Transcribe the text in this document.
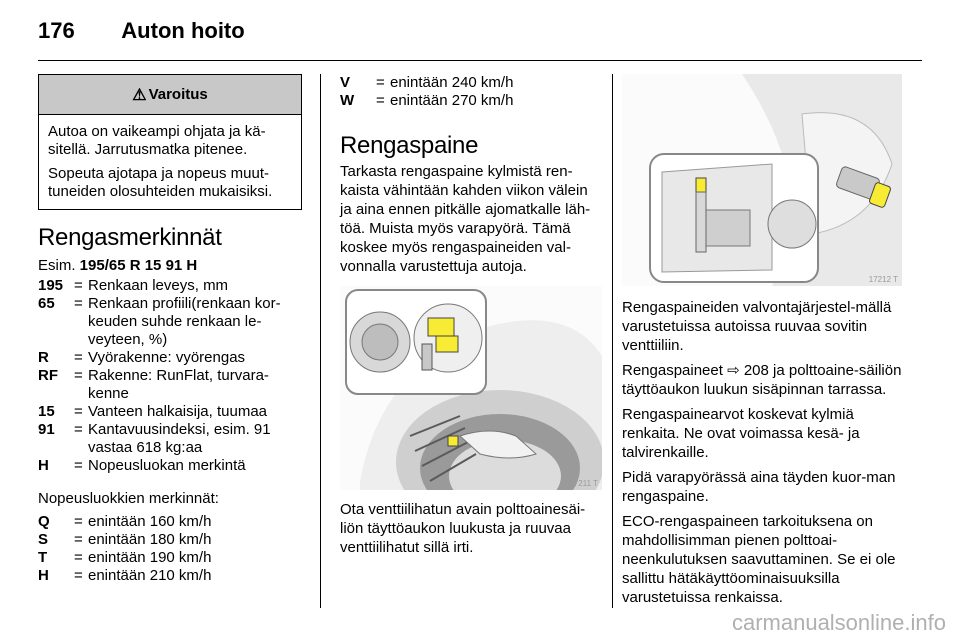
176 Auton hoito
⚠ Varoitus

Autoa on vaikeampi ohjata ja kä-sitellä. Jarrutusmatka pitenee.

Sopeuta ajotapa ja nopeus muut-tuneiden olosuhteiden mukaisiksi.

Rengasmerkinnät
Esim. 195/65 R 15 91 H
195 = Renkaan leveys, mm
65	= Renkaan profiili(renkaan kor-keuden suhde renkaan le-veyteen, %)
R	= Vyörakenne: vyörengas
RF	= Rakenne: RunFlat, turvara-kenne
15	= Vanteen halkaisija, tuumaa
91	= Kantavuusindeksi, esim. 91 vastaa 618 kg:aa
H	= Nopeusluokan merkintä
Nopeusluokkien merkinnät:
Q	= enintään 160 km/h
S	= enintään 180 km/h
T	= enintään 190 km/h
H	= enintään 210 km/h
V	= enintään 240 km/h
W	= enintään 270 km/h
Rengaspaine
Tarkasta rengaspaine kylmistä ren-kaista vähintään kahden viikon välein ja aina ennen pitkälle ajomatkalle läh-töä. Muista myös varapyörä. Tämä koskee myös rengaspaineiden val-vonnalla varustettuja autoja.
17211 T
Ota venttiilihatun avain polttoainesäi-liön täyttöaukon luukusta ja ruuvaa venttiilihatut sillä irti.
17212 T
Rengaspaineiden valvontajärjestel-mällä varustetuissa autoissa ruuvaa sovitin venttiiliin.
Rengaspaineet ⇨ 208 ja polttoaine-säiliön täyttöaukon luukun sisäpinnan tarrassa.
Rengaspainearvot koskevat kylmiä renkaita. Ne ovat voimassa kesä- ja talvirenkaille.
Pidä varapyörässä aina täyden kuor-man rengaspaine.
ECO-rengaspaineen tarkoituksena on mahdollisimman pienen polttoai-neenkulutuksen saavuttaminen. Se ei ole sallittu hätäkäyttöominaisuuksilla varustetuissa renkaissa.
carmanualsonline.info
